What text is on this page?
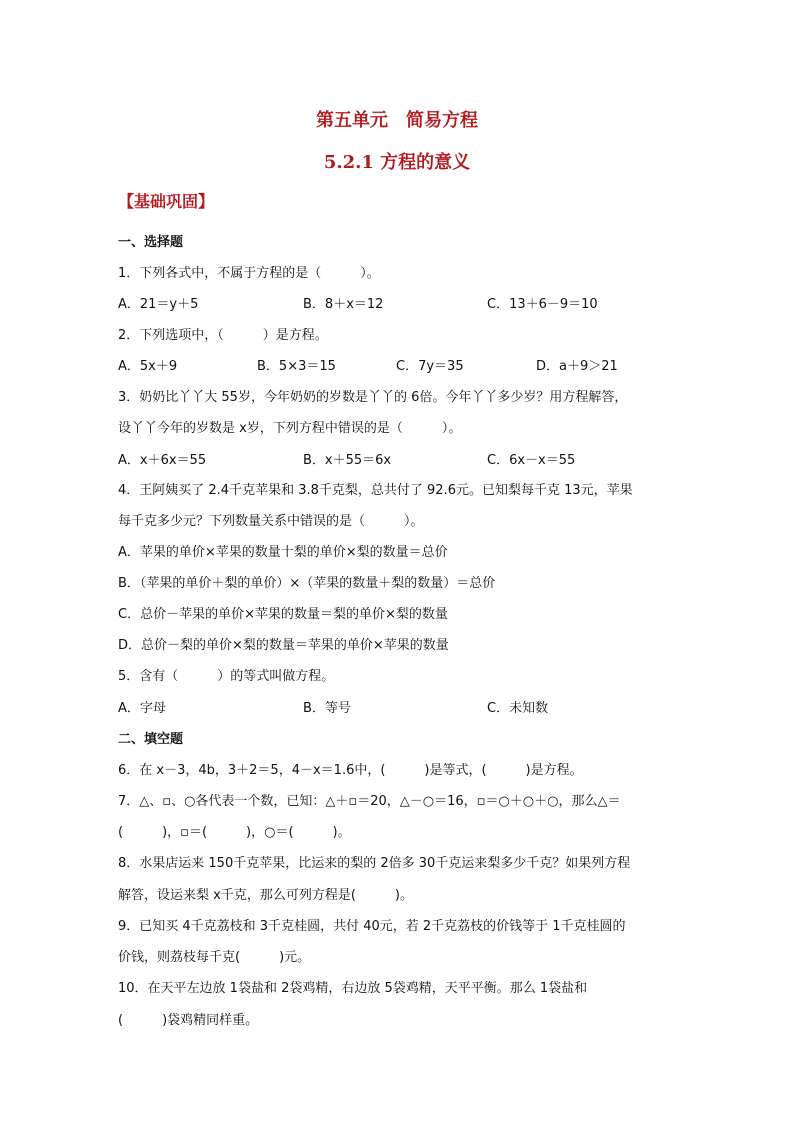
第五单元　简易方程
5.2.1 方程的意义
【基础巩固】
一、选择题
1．下列各式中，不属于方程的是（　　　）。
A．21＝y＋5	B．8＋x＝12	C．13＋6－9＝10
2．下列选项中，（　　　）是方程。
A．5x＋9	B．5×3＝15	C．7y＝35	D．a＋9＞21
3．奶奶比丫丫大 55岁，今年奶奶的岁数是丫丫的 6倍。今年丫丫多少岁？用方程解答，
设丫丫今年的岁数是 x岁，下列方程中错误的是（　　　）。
A．x＋6x＝55	B．x＋55＝6x	C．6x－x＝55
4．王阿姨买了 2.4千克苹果和 3.8千克梨，总共付了 92.6元。已知梨每千克 13元，苹果
每千克多少元？下列数量关系中错误的是（　　　）。
A．苹果的单价×苹果的数量十梨的单价×梨的数量＝总价
B．（苹果的单价＋梨的单价）×（苹果的数量＋梨的数量）＝总价
C．总价－苹果的单价×苹果的数量＝梨的单价×梨的数量
D．总价－梨的单价×梨的数量＝苹果的单价×苹果的数量
5．含有（　　　）的等式叫做方程。
A．字母	B．等号	C．未知数
二、填空题
6．在 x－3，4b，3＋2＝5，4－x＝1.6中，(　　　)是等式，(　　　)是方程。
7．△、▫、○各代表一个数，已知：△＋▫＝20，△－○＝16，▫＝○＋○＋○，那么△＝
(　　　)，▫＝(　　　)，○＝(　　　)。
8．水果店运来 150千克苹果，比运来的梨的 2倍多 30千克运来梨多少千克？如果列方程
解答，设运来梨 x千克，那么可列方程是(　　　)。
9．已知买 4千克荔枝和 3千克桂圆，共付 40元，若 2千克荔枝的价钱等于 1千克桂圆的
价钱，则荔枝每千克(　　　)元。
10．在天平左边放 1袋盐和 2袋鸡精，右边放 5袋鸡精，天平平衡。那么 1袋盐和
(　　　)袋鸡精同样重。
